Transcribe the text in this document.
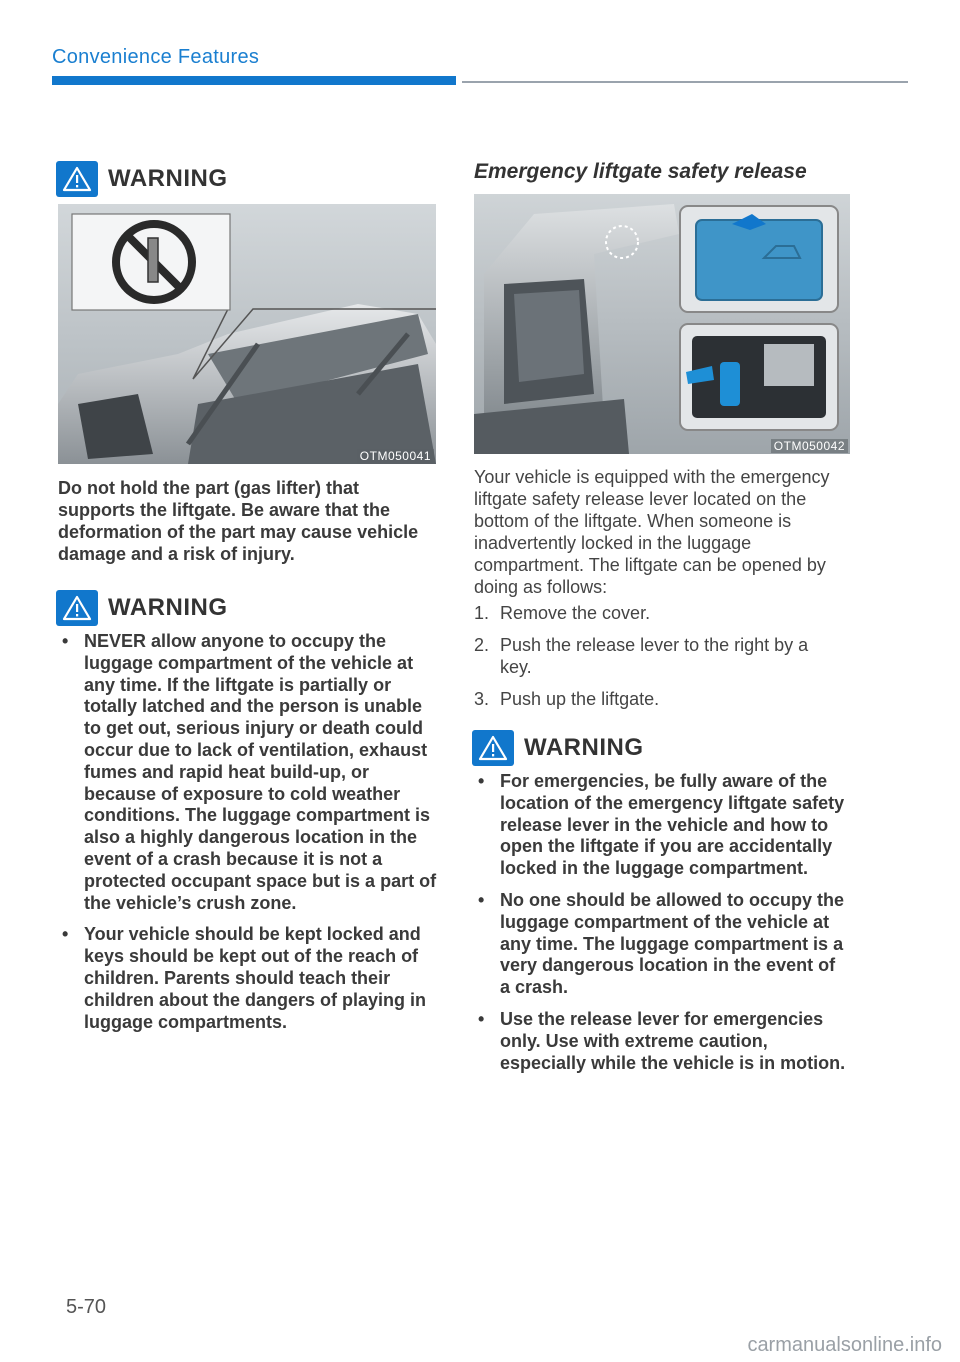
Convenience Features
WARNING
OTM050041
Do not hold the part (gas lifter) that supports the liftgate. Be aware that the deformation of the part may cause vehicle damage and a risk of injury.
WARNING
• NEVER allow anyone to occupy the luggage compartment of the vehicle at any time. If the liftgate is partially or totally latched and the person is unable to get out, serious injury or death could occur due to lack of ventilation, exhaust fumes and rapid heat build-up, or because of exposure to cold weather conditions. The luggage compartment is also a highly dangerous location in the event of a crash because it is not a protected occupant space but is a part of the vehicle’s crush zone.
• Your vehicle should be kept locked and keys should be kept out of the reach of children. Parents should teach their children about the dangers of playing in luggage compartments.
Emergency liftgate safety release
OTM050042
Your vehicle is equipped with the emergency liftgate safety release lever located on the bottom of the liftgate. When someone is inadvertently locked in the luggage compartment. The liftgate can be opened by doing as follows:
1. Remove the cover.
2. Push the release lever to the right by a key.
3. Push up the liftgate.
WARNING
• For emergencies, be fully aware of the location of the emergency liftgate safety release lever in the vehicle and how to open the liftgate if you are accidentally locked in the luggage compartment.
• No one should be allowed to occupy the luggage compartment of the vehicle at any time. The luggage compartment is a very dangerous location in the event of a crash.
• Use the release lever for emergencies only. Use with extreme caution, especially while the vehicle is in motion.
5-70
carmanualsonline.info
